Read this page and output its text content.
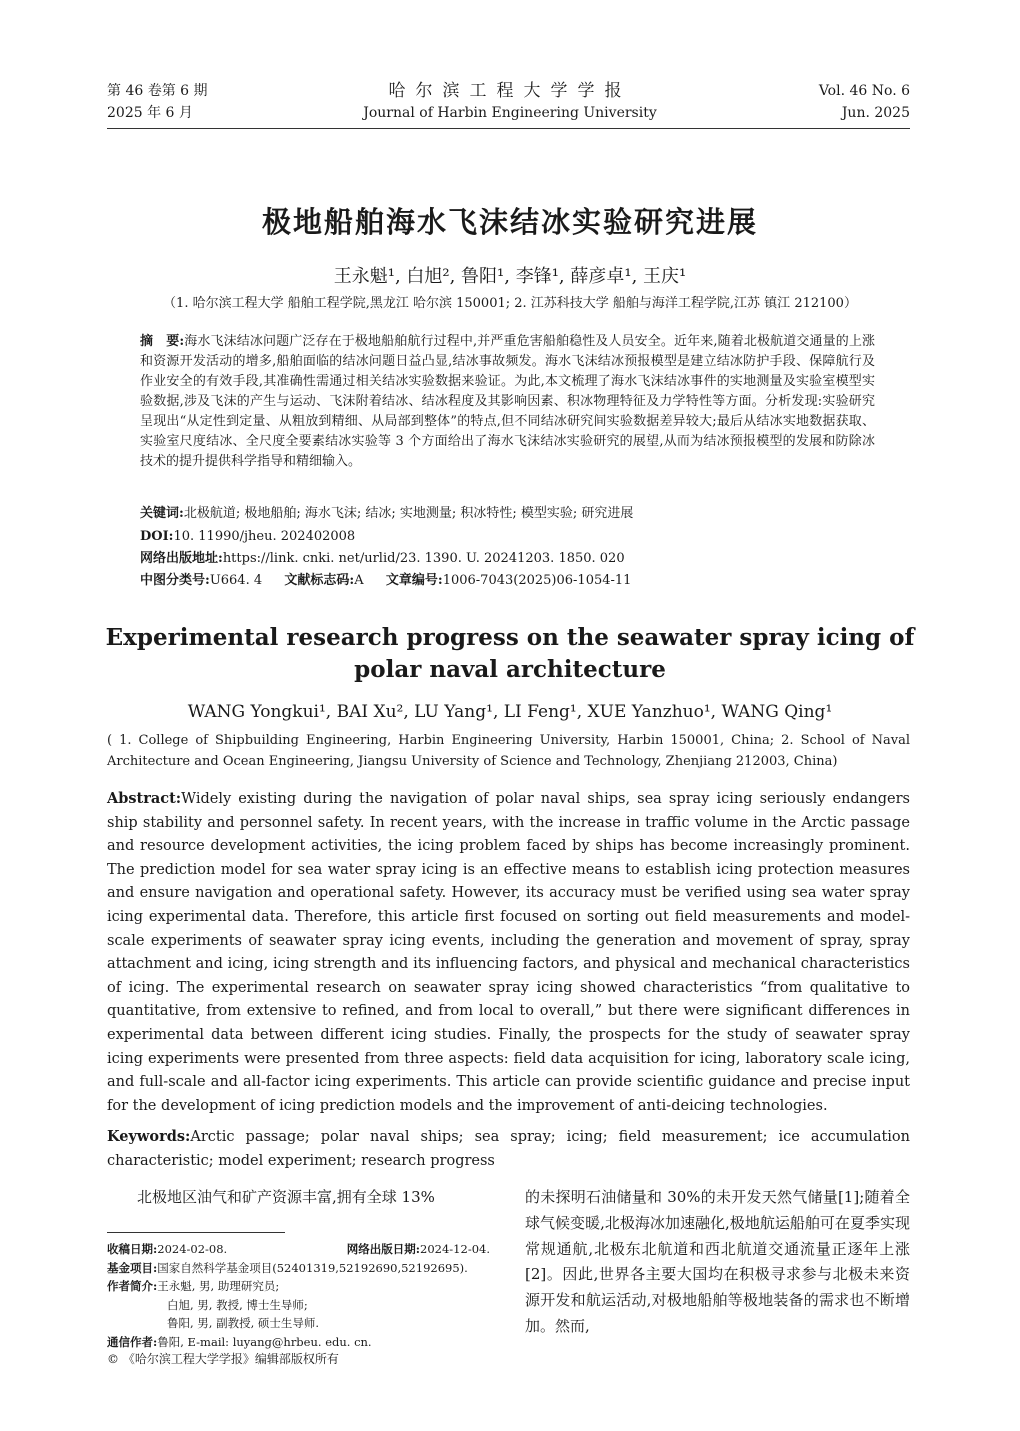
第 46 卷第 6 期
2025 年 6 月
哈尔滨工程大学学报
Journal of Harbin Engineering University
Vol. 46 No. 6
Jun. 2025
极地船舶海水飞沫结冰实验研究进展
王永魁¹, 白旭², 鲁阳¹, 李锋¹, 薛彦卓¹, 王庆¹
（1. 哈尔滨工程大学 船舶工程学院,黑龙江 哈尔滨 150001; 2. 江苏科技大学 船舶与海洋工程学院,江苏 镇江 212100）
摘　要:海水飞沫结冰问题广泛存在于极地船舶航行过程中,并严重危害船舶稳性及人员安全。近年来,随着北极航道交通量的上涨和资源开发活动的增多,船舶面临的结冰问题日益凸显,结冰事故频发。海水飞沫结冰预报模型是建立结冰防护手段、保障航行及作业安全的有效手段,其准确性需通过相关结冰实验数据来验证。为此,本文梳理了海水飞沫结冰事件的实地测量及实验室模型实验数据,涉及飞沫的产生与运动、飞沫附着结冰、结冰程度及其影响因素、积冰物理特征及力学特性等方面。分析发现:实验研究呈现出“从定性到定量、从粗放到精细、从局部到整体”的特点,但不同结冰研究间实验数据差异较大;最后从结冰实地数据获取、实验室尺度结冰、全尺度全要素结冰实验等 3 个方面给出了海水飞沫结冰实验研究的展望,从而为结冰预报模型的发展和防除冰技术的提升提供科学指导和精细输入。
关键词:北极航道; 极地船舶; 海水飞沫; 结冰; 实地测量; 积冰特性; 模型实验; 研究进展
DOI:10. 11990/jheu. 202402008
网络出版地址:https://link. cnki. net/urlid/23. 1390. U. 20241203. 1850. 020
中图分类号:U664. 4 文献标志码:A 文章编号:1006-7043(2025)06-1054-11
Experimental research progress on the seawater spray icing of
polar naval architecture
WANG Yongkui¹, BAI Xu², LU Yang¹, LI Feng¹, XUE Yanzhuo¹, WANG Qing¹
( 1. College of Shipbuilding Engineering, Harbin Engineering University, Harbin 150001, China; 2. School of Naval Architecture and Ocean Engineering, Jiangsu University of Science and Technology, Zhenjiang 212003, China)
Abstract:Widely existing during the navigation of polar naval ships, sea spray icing seriously endangers ship stability and personnel safety. In recent years, with the increase in traffic volume in the Arctic passage and resource development activities, the icing problem faced by ships has become increasingly prominent. The prediction model for sea water spray icing is an effective means to establish icing protection measures and ensure navigation and operational safety. However, its accuracy must be verified using sea water spray icing experimental data. Therefore, this article first focused on sorting out field measurements and model-scale experiments of seawater spray icing events, including the generation and movement of spray, spray attachment and icing, icing strength and its influencing factors, and physical and mechanical characteristics of icing. The experimental research on seawater spray icing showed characteristics “from qualitative to quantitative, from extensive to refined, and from local to overall,” but there were significant differences in experimental data between different icing studies. Finally, the prospects for the study of seawater spray icing experiments were presented from three aspects: field data acquisition for icing, laboratory scale icing, and full-scale and all-factor icing experiments. This article can provide scientific guidance and precise input for the development of icing prediction models and the improvement of anti-deicing technologies.
Keywords:Arctic passage; polar naval ships; sea spray; icing; field measurement; ice accumulation characteristic; model experiment; research progress
北极地区油气和矿产资源丰富,拥有全球 13%
收稿日期:2024-02-08.	网络出版日期:2024-12-04.
基金项目:国家自然科学基金项目(52401319,52192690,52192695).
作者简介:王永魁, 男, 助理研究员;
白旭, 男, 教授, 博士生导师;
鲁阳, 男, 副教授, 硕士生导师.
通信作者:鲁阳, E-mail: luyang@hrbeu. edu. cn.
© 《哈尔滨工程大学学报》编辑部版权所有
的未探明石油储量和 30%的未开发天然气储量[1];随着全球气候变暖,北极海冰加速融化,极地航运船舶可在夏季实现常规通航,北极东北航道和西北航道交通流量正逐年上涨[2]。因此,世界各主要大国均在积极寻求参与北极未来资源开发和航运活动,对极地船舶等极地装备的需求也不断增加。然而,
